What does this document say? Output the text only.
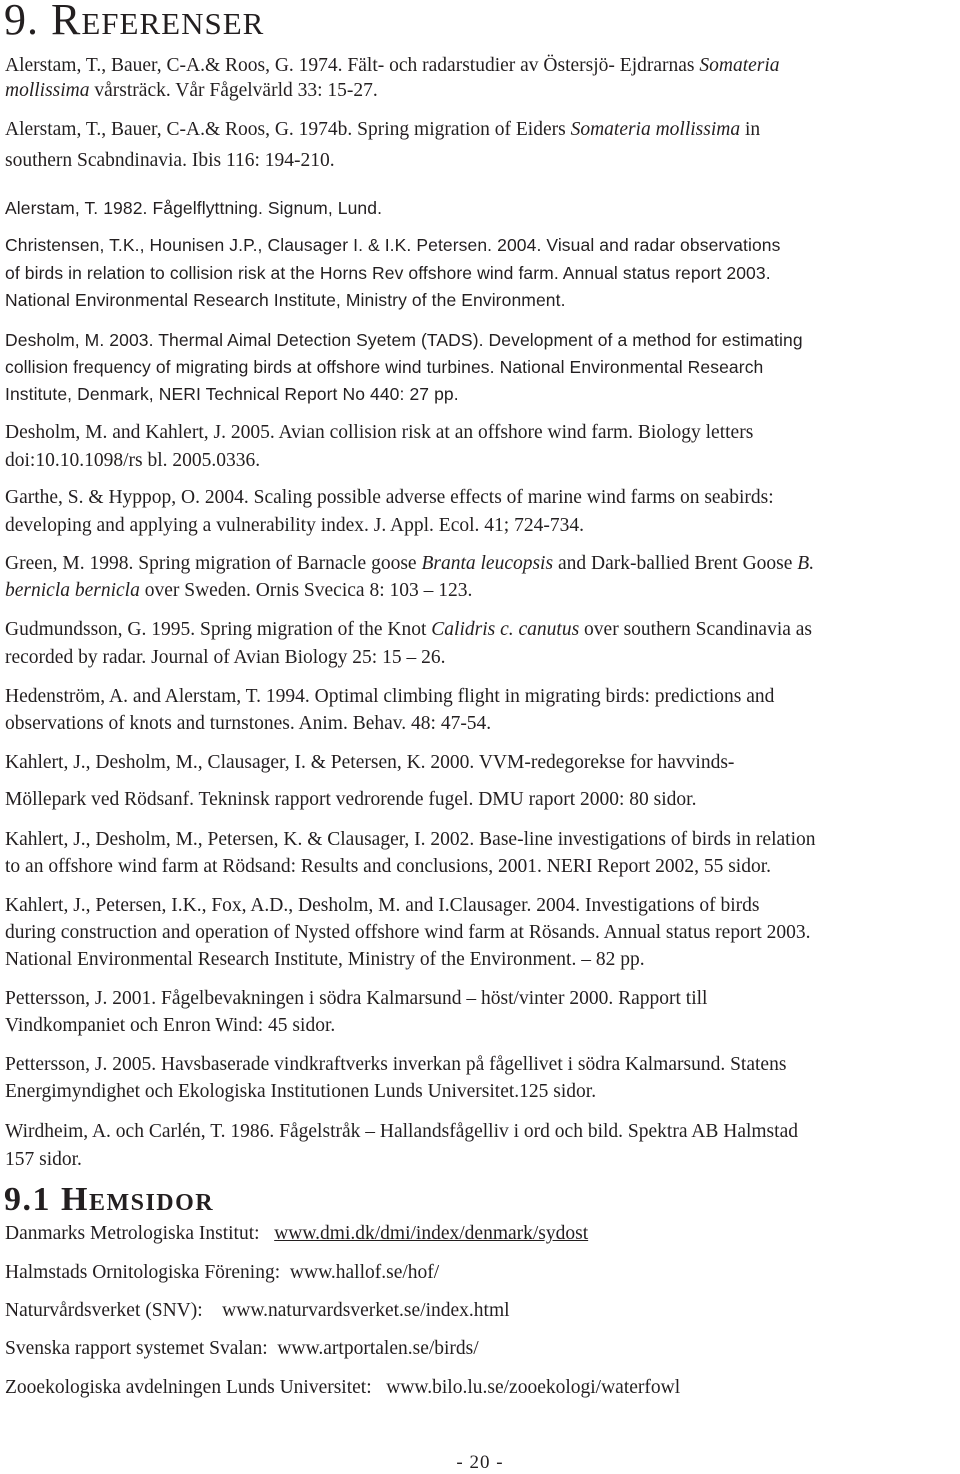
9. Referenser
Alerstam, T., Bauer, C-A.& Roos, G. 1974. Fält- och radarstudier av Östersjö- Ejdrarnas Somateria
mollissima vårsträck. Vår Fågelvärld 33: 15-27.
Alerstam, T., Bauer, C-A.& Roos, G. 1974b. Spring migration of Eiders Somateria mollissima in
southern Scabndinavia. Ibis 116: 194-210.
Alerstam, T. 1982. Fågelflyttning. Signum, Lund.
Christensen, T.K., Hounisen J.P., Clausager I. & I.K. Petersen. 2004. Visual and radar observations
of birds in relation to collision risk at the Horns Rev offshore wind farm. Annual status report 2003.
National Environmental Research Institute, Ministry of the Environment.
Desholm, M. 2003. Thermal Aimal Detection Syetem (TADS). Development of a method for estimating
collision frequency of migrating birds at offshore wind turbines. National Environmental Research
Institute, Denmark, NERI Technical Report No 440: 27 pp.
Desholm, M. and Kahlert, J. 2005. Avian collision risk at an offshore wind farm. Biology letters
doi:10.10.1098/rs bl. 2005.0336.
Garthe, S. & Hyppop, O. 2004. Scaling possible adverse effects of marine wind farms on seabirds:
developing and applying a vulnerability index. J. Appl. Ecol. 41; 724-734.
Green, M. 1998. Spring migration of Barnacle goose Branta leucopsis and Dark-ballied Brent Goose B.
bernicla bernicla over Sweden. Ornis Svecica 8: 103 – 123.
Gudmundsson, G. 1995. Spring migration of the Knot Calidris c. canutus over southern Scandinavia as
recorded by radar. Journal of Avian Biology 25: 15 – 26.
Hedenström, A. and Alerstam, T. 1994. Optimal climbing flight in migrating birds: predictions and
observations of knots and turnstones. Anim. Behav. 48: 47-54.
Kahlert, J., Desholm, M., Clausager, I. & Petersen, K. 2000. VVM-redegorekse for havvinds-
Möllepark ved Rödsanf. Tekninsk rapport vedrorende fugel. DMU raport 2000: 80 sidor.
Kahlert, J., Desholm, M., Petersen, K. & Clausager, I. 2002. Base-line investigations of birds in relation
to an offshore wind farm at Rödsand: Results and conclusions, 2001. NERI Report 2002, 55 sidor.
Kahlert, J., Petersen, I.K., Fox, A.D., Desholm, M. and I.Clausager. 2004. Investigations of birds
during construction and operation of Nysted offshore wind farm at Rösands. Annual status report 2003.
National Environmental Research Institute, Ministry of the Environment. – 82 pp.
Pettersson, J. 2001. Fågelbevakningen i södra Kalmarsund – höst/vinter 2000. Rapport till
Vindkompaniet och Enron Wind: 45 sidor.
Pettersson, J. 2005. Havsbaserade vindkraftverks inverkan på fågellivet i södra Kalmarsund. Statens
Energimyndighet och Ekologiska Institutionen Lunds Universitet.125 sidor.
Wirdheim, A. och Carlén, T. 1986. Fågelstråk – Hallandsfågelliv i ord och bild. Spektra AB Halmstad
157 sidor.
9.1 Hemsidor
Danmarks Metrologiska Institut: www.dmi.dk/dmi/index/denmark/sydost
Halmstads Ornitologiska Förening: www.hallof.se/hof/
Naturvårdsverket (SNV): www.naturvardsverket.se/index.html
Svenska rapport systemet Svalan: www.artportalen.se/birds/
Zooekologiska avdelningen Lunds Universitet: www.bilo.lu.se/zooekologi/waterfowl
- 20 -
